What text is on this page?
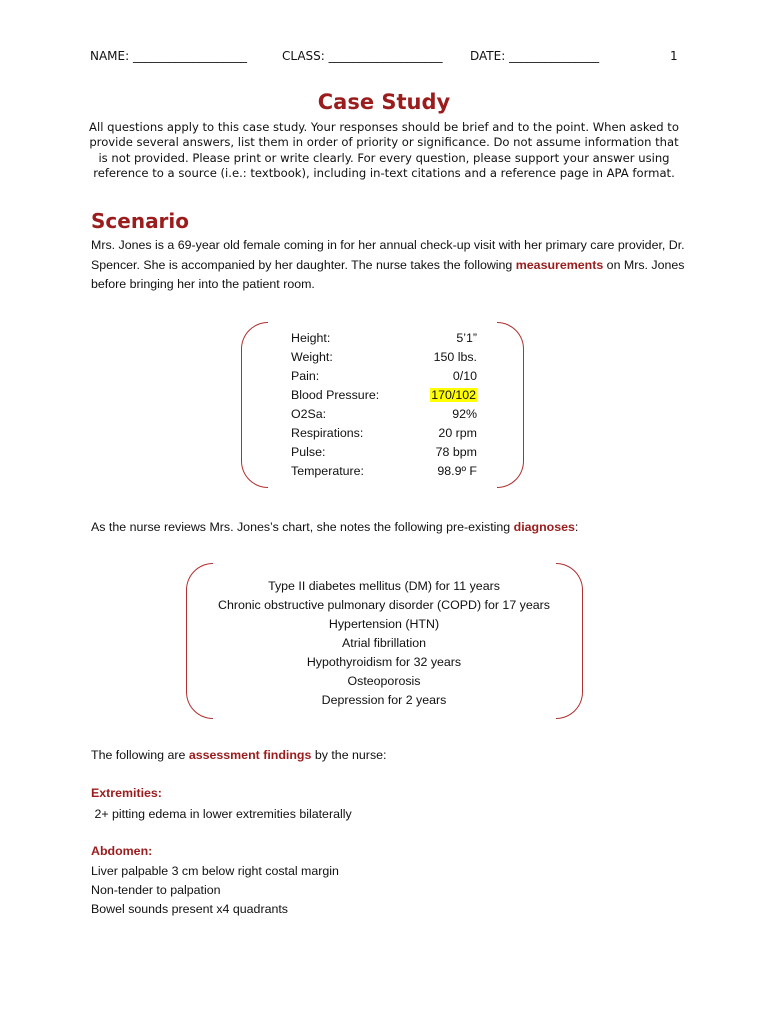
NAME: ___________________

	CLASS: ___________________

DATE: _______________

	1

Case Study
All questions apply to this case study. Your responses should be brief and to the point. When asked to provide several answers, list them in order of priority or significance. Do not assume information that is not provided. Please print or write clearly. For every question, please support your answer using reference to a source (i.e.: textbook), including in-text citations and a reference page in APA format.
Scenario
Mrs. Jones is a 69-year old female coming in for her annual check-up visit with her primary care provider, Dr. Spencer. She is accompanied by her daughter. The nurse takes the following measurements on Mrs. Jones before bringing her into the patient room.
Height:	5’1”
Weight:	150 lbs.
Pain:	0/10
Blood Pressure:	170/102
O2Sa:	92%
Respirations:	20 rpm
Pulse:	78 bpm
Temperature:	98.9º F
As the nurse reviews Mrs. Jones’s chart, she notes the following pre-existing diagnoses:
Type II diabetes mellitus (DM) for 11 years
Chronic obstructive pulmonary disorder (COPD) for 17 years
Hypertension (HTN)
Atrial fibrillation
Hypothyroidism for 32 years
Osteoporosis
Depression for 2 years
The following are assessment findings by the nurse:
Extremities:
2+ pitting edema in lower extremities bilaterally
Abdomen:
Liver palpable 3 cm below right costal margin
Non-tender to palpation
Bowel sounds present x4 quadrants
